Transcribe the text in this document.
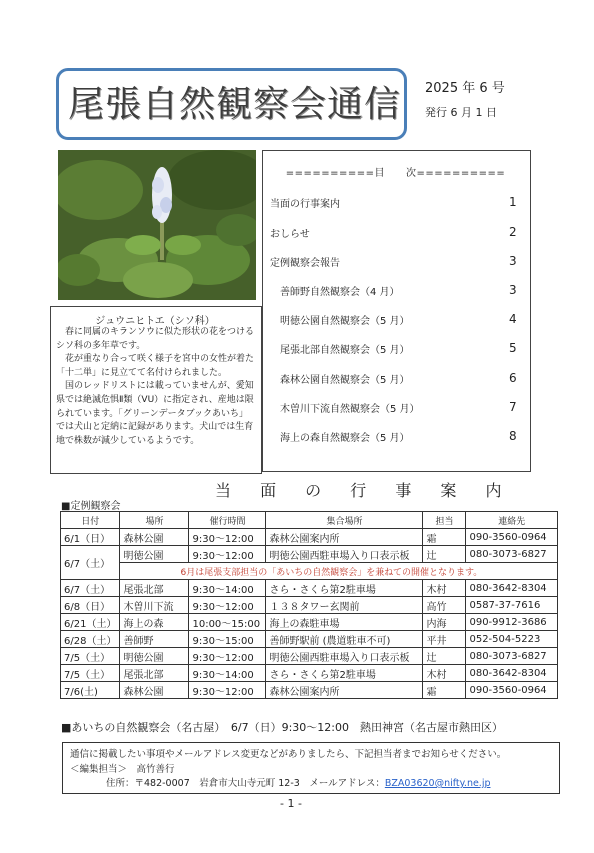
尾張自然観察会通信 2025 年 6 号
発行 6 月 1 日
ジュウニヒトエ（シソ科）

春に同属のキランソウに似た形状の花をつけるシソ科の多年草です。

花が重なり合って咲く様子を宮中の女性が着た「十二単」に見立てて名付けられました。

国のレッドリストには載っていませんが、愛知県では絶滅危惧Ⅱ類（VU）に指定され、産地は限られています。「グリーンデータブックあいち」では犬山と定納に記録があります。犬山では生育地で株数が減少しているようです。

==========目　　次==========
当面の行事案内	1
おしらせ	2
定例観察会報告	3
善師野自然観察会（4 月）	3
明徳公園自然観察会（5 月）	4
尾張北部自然観察会（5 月）	5
森林公園自然観察会（5 月）	6
木曽川下流自然観察会（5 月）	7
海上の森自然観察会（5 月）	8
当 面 の 行 事 案 内
■定例観察会
日付	場所	催行時間	集合場所	担当	連絡先
6/1（日）	森林公園	9:30～12:00	森林公園案内所	霜	090-3560-0964
6/7（土）	明徳公園	9:30～12:00	明徳公園西駐車場入り口表示板	辻	080-3073-6827
	6月は尾張支部担当の「あいちの自然観察会」を兼ねての開催となります。				
6/7（土）	尾張北部	9:30～14:00	さら・さくら第2駐車場	木村	080-3642-8304
6/8（日）	木曽川下流	9:30～12:00	１３８タワー玄関前	高竹	0587-37-7616
6/21（土）	海上の森	10:00～15:00	海上の森駐車場	内海	090-9912-3686
6/28（土）	善師野	9:30～15:00	善師野駅前 (農道駐車不可)	平井	052-504-5223
7/5（土）	明徳公園	9:30～12:00	明徳公園西駐車場入り口表示板	辻	080-3073-6827
7/5（土）	尾張北部	9:30～14:00	さら・さくら第2駐車場	木村	080-3642-8304
7/6(土)	森林公園	9:30～12:00	森林公園案内所	霜	090-3560-0964
■あいちの自然観察会（名古屋）　6/7（日）9:30～12:00　熱田神宮（名古屋市熱田区）
通信に掲載したい事項やメールアドレス変更などがありましたら、下記担当者までお知らせください。
＜編集担当＞　高竹善行
住所：〒482-0007　岩倉市大山寺元町 12-3　メールアドレス：BZA03620@nifty.ne.jp
- 1 -
